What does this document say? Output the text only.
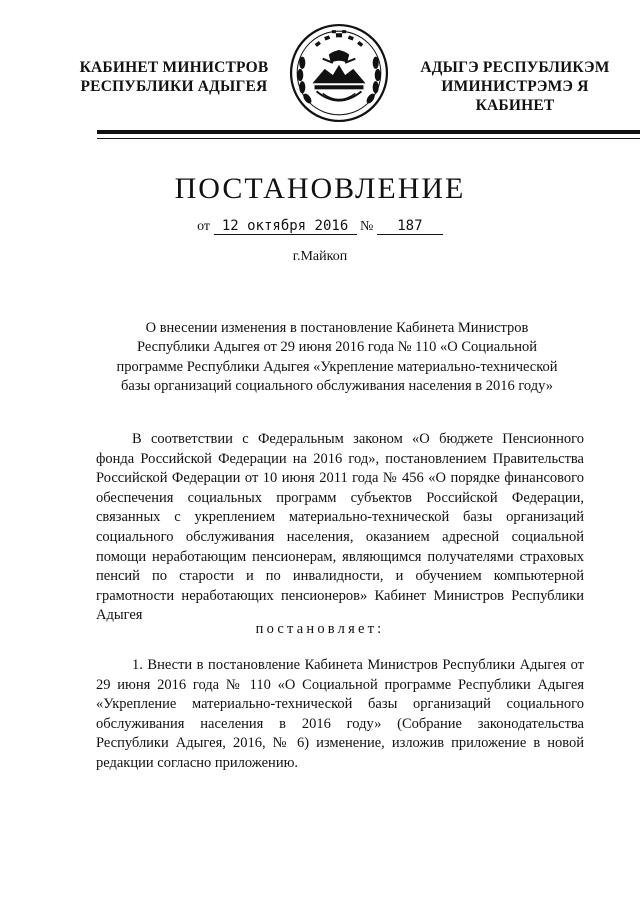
КАБИНЕТ МИНИСТРОВ
РЕСПУБЛИКИ АДЫГЕЯ
АДЫГЭ РЕСПУБЛИКЭМ
ИМИНИСТРЭМЭ Я КАБИНЕТ
ПОСТАНОВЛЕНИЕ
от 12 октября 2016 № 187
г.Майкоп
О внесении изменения в постановление Кабинета Министров
Республики Адыгея от 29 июня 2016 года № 110 «О Социальной
программе Республики Адыгея «Укрепление материально-технической
базы организаций социального обслуживания населения в 2016 году»

В соответствии с Федеральным законом «О бюджете Пенсионного фонда Российской Федерации на 2016 год», постановлением Правительства Российской Федерации от 10 июня 2011 года № 456 «О порядке финансового обеспечения социальных программ субъектов Российской Федерации, связанных с укреплением материально-технической базы организаций социального обслуживания населения, оказанием адресной социальной помощи неработающим пенсионерам, являющимся получателями страховых пенсий по старости и по инвалидности, и обучением компьютерной грамотности неработающих пенсионеров» Кабинет Министров Республики Адыгея

постановляет:

1. Внести в постановление Кабинета Министров Республики Адыгея от 29 июня 2016 года № 110 «О Социальной программе Республики Адыгея «Укрепление материально-технической базы организаций социального обслуживания населения в 2016 году» (Собрание законодательства Республики Адыгея, 2016, № 6) изменение, изложив приложение в новой редакции согласно приложению.
